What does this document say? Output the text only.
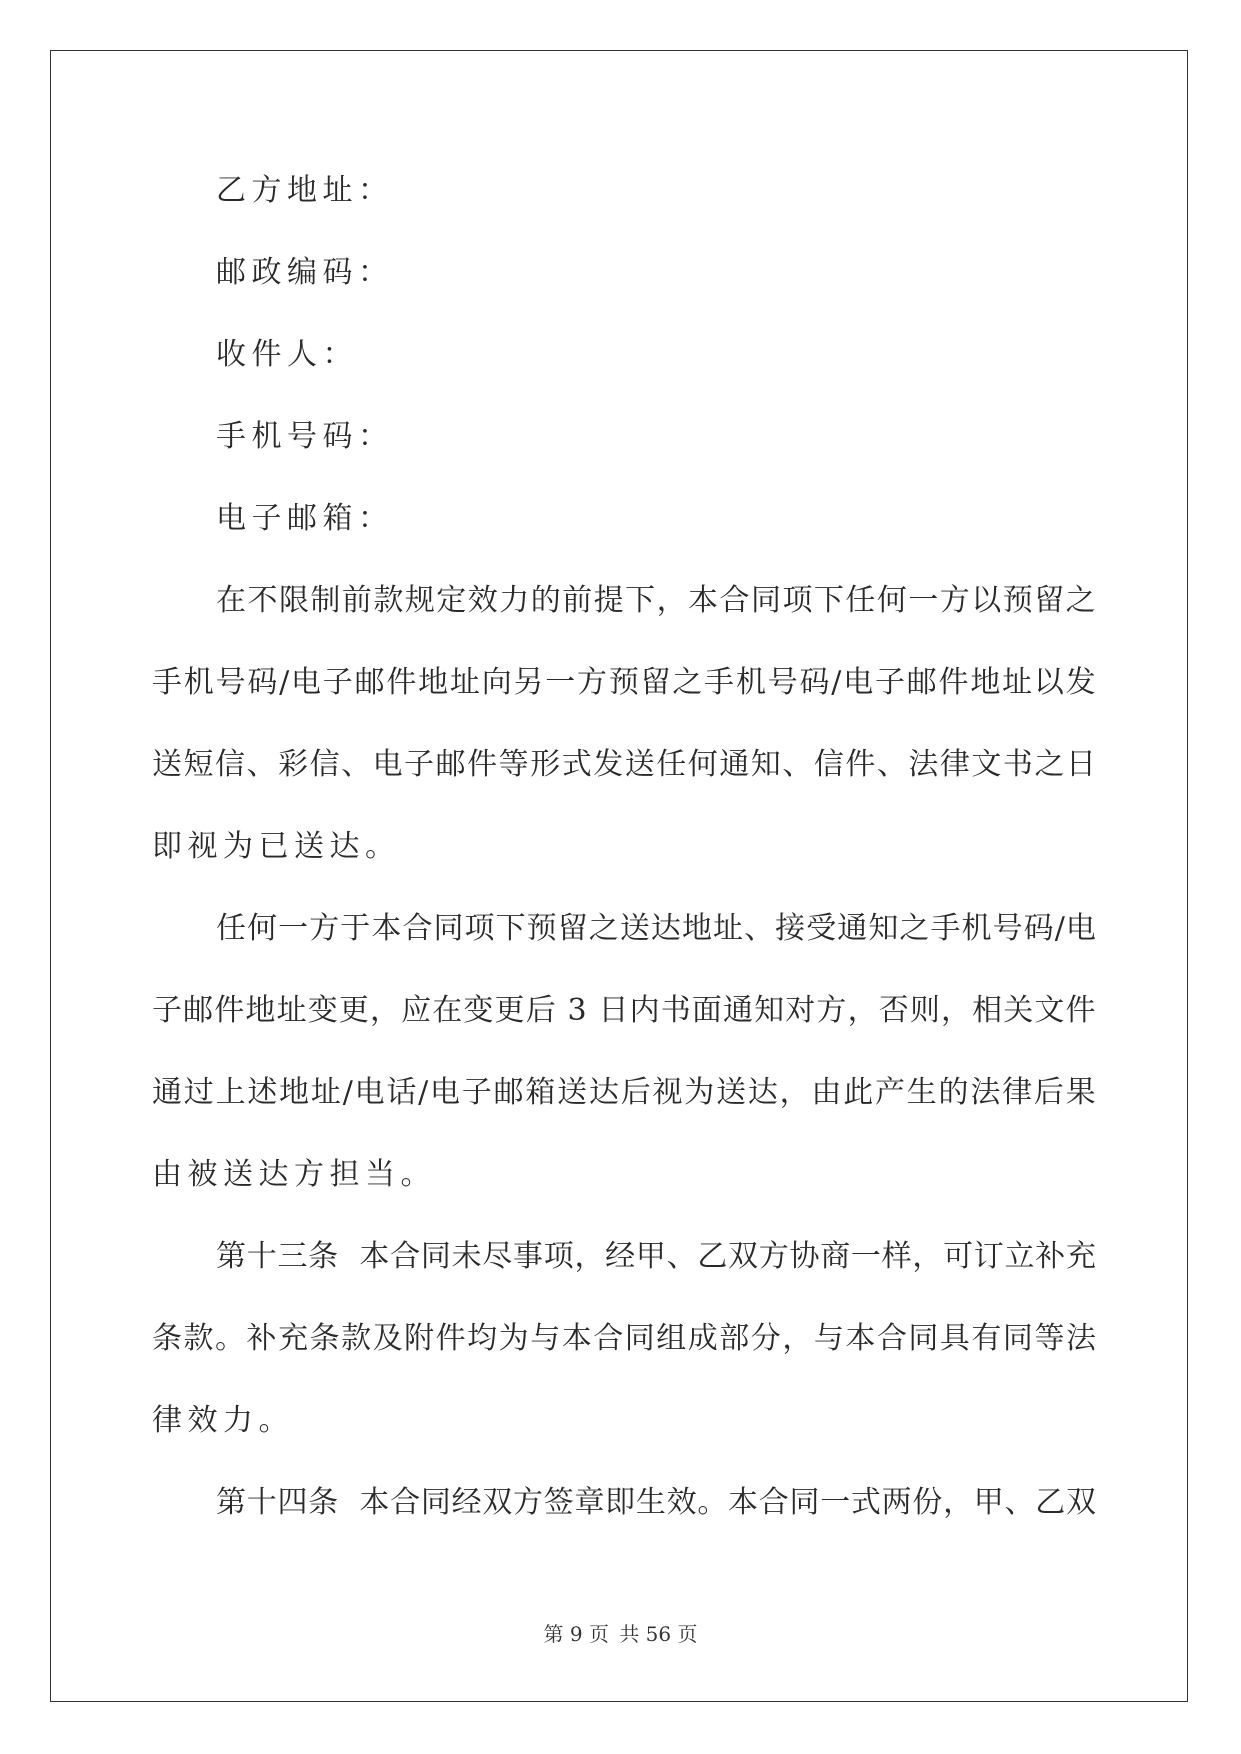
乙方地址：
邮政编码：
收件人：
手机号码：
电子邮箱：
在 不 限 制 前 款 规 定 效 力 的 前 提 下 ， 本 合 同 项 下 任 何 一 方 以 预 留 之
手 机 号 码 / 电 子 邮 件 地 址 向 另 一 方 预 留 之 手 机 号 码 / 电 子 邮 件 地 址 以 发
送 短 信 、 彩 信 、 电 子 邮 件 等 形 式 发 送 任 何 通 知 、 信 件 、 法 律 文 书 之 日
即视为已送达。
任 何 一 方 于 本 合 同 项 下 预 留 之 送 达 地 址 、 接 受 通 知 之 手 机 号 码 / 电
子 邮 件 地 址 变 更 ， 应 在 变 更 后
3
日 内 书 面 通 知 对 方 ， 否 则 ， 相 关 文 件
通 过 上 述 地 址 / 电 话 / 电 子 邮 箱 送 达 后 视 为 送 达 ， 由 此 产 生 的 法 律 后 果
由被送达方担当。
第 十 三 条

本 合 同 未 尽 事 项 ， 经 甲 、 乙 双 方 协 商 一 样 ， 可 订 立 补 充
条 款 。 补 充 条 款 及 附 件 均 为 与 本 合 同 组 成 部 分 ， 与 本 合 同 具 有 同 等 法
律效力。
第 十 四 条

本 合 同 经 双 方 签 章 即 生 效 。 本 合 同 一 式 两 份 ， 甲 、 乙 双
第 9 页 共 56 页
